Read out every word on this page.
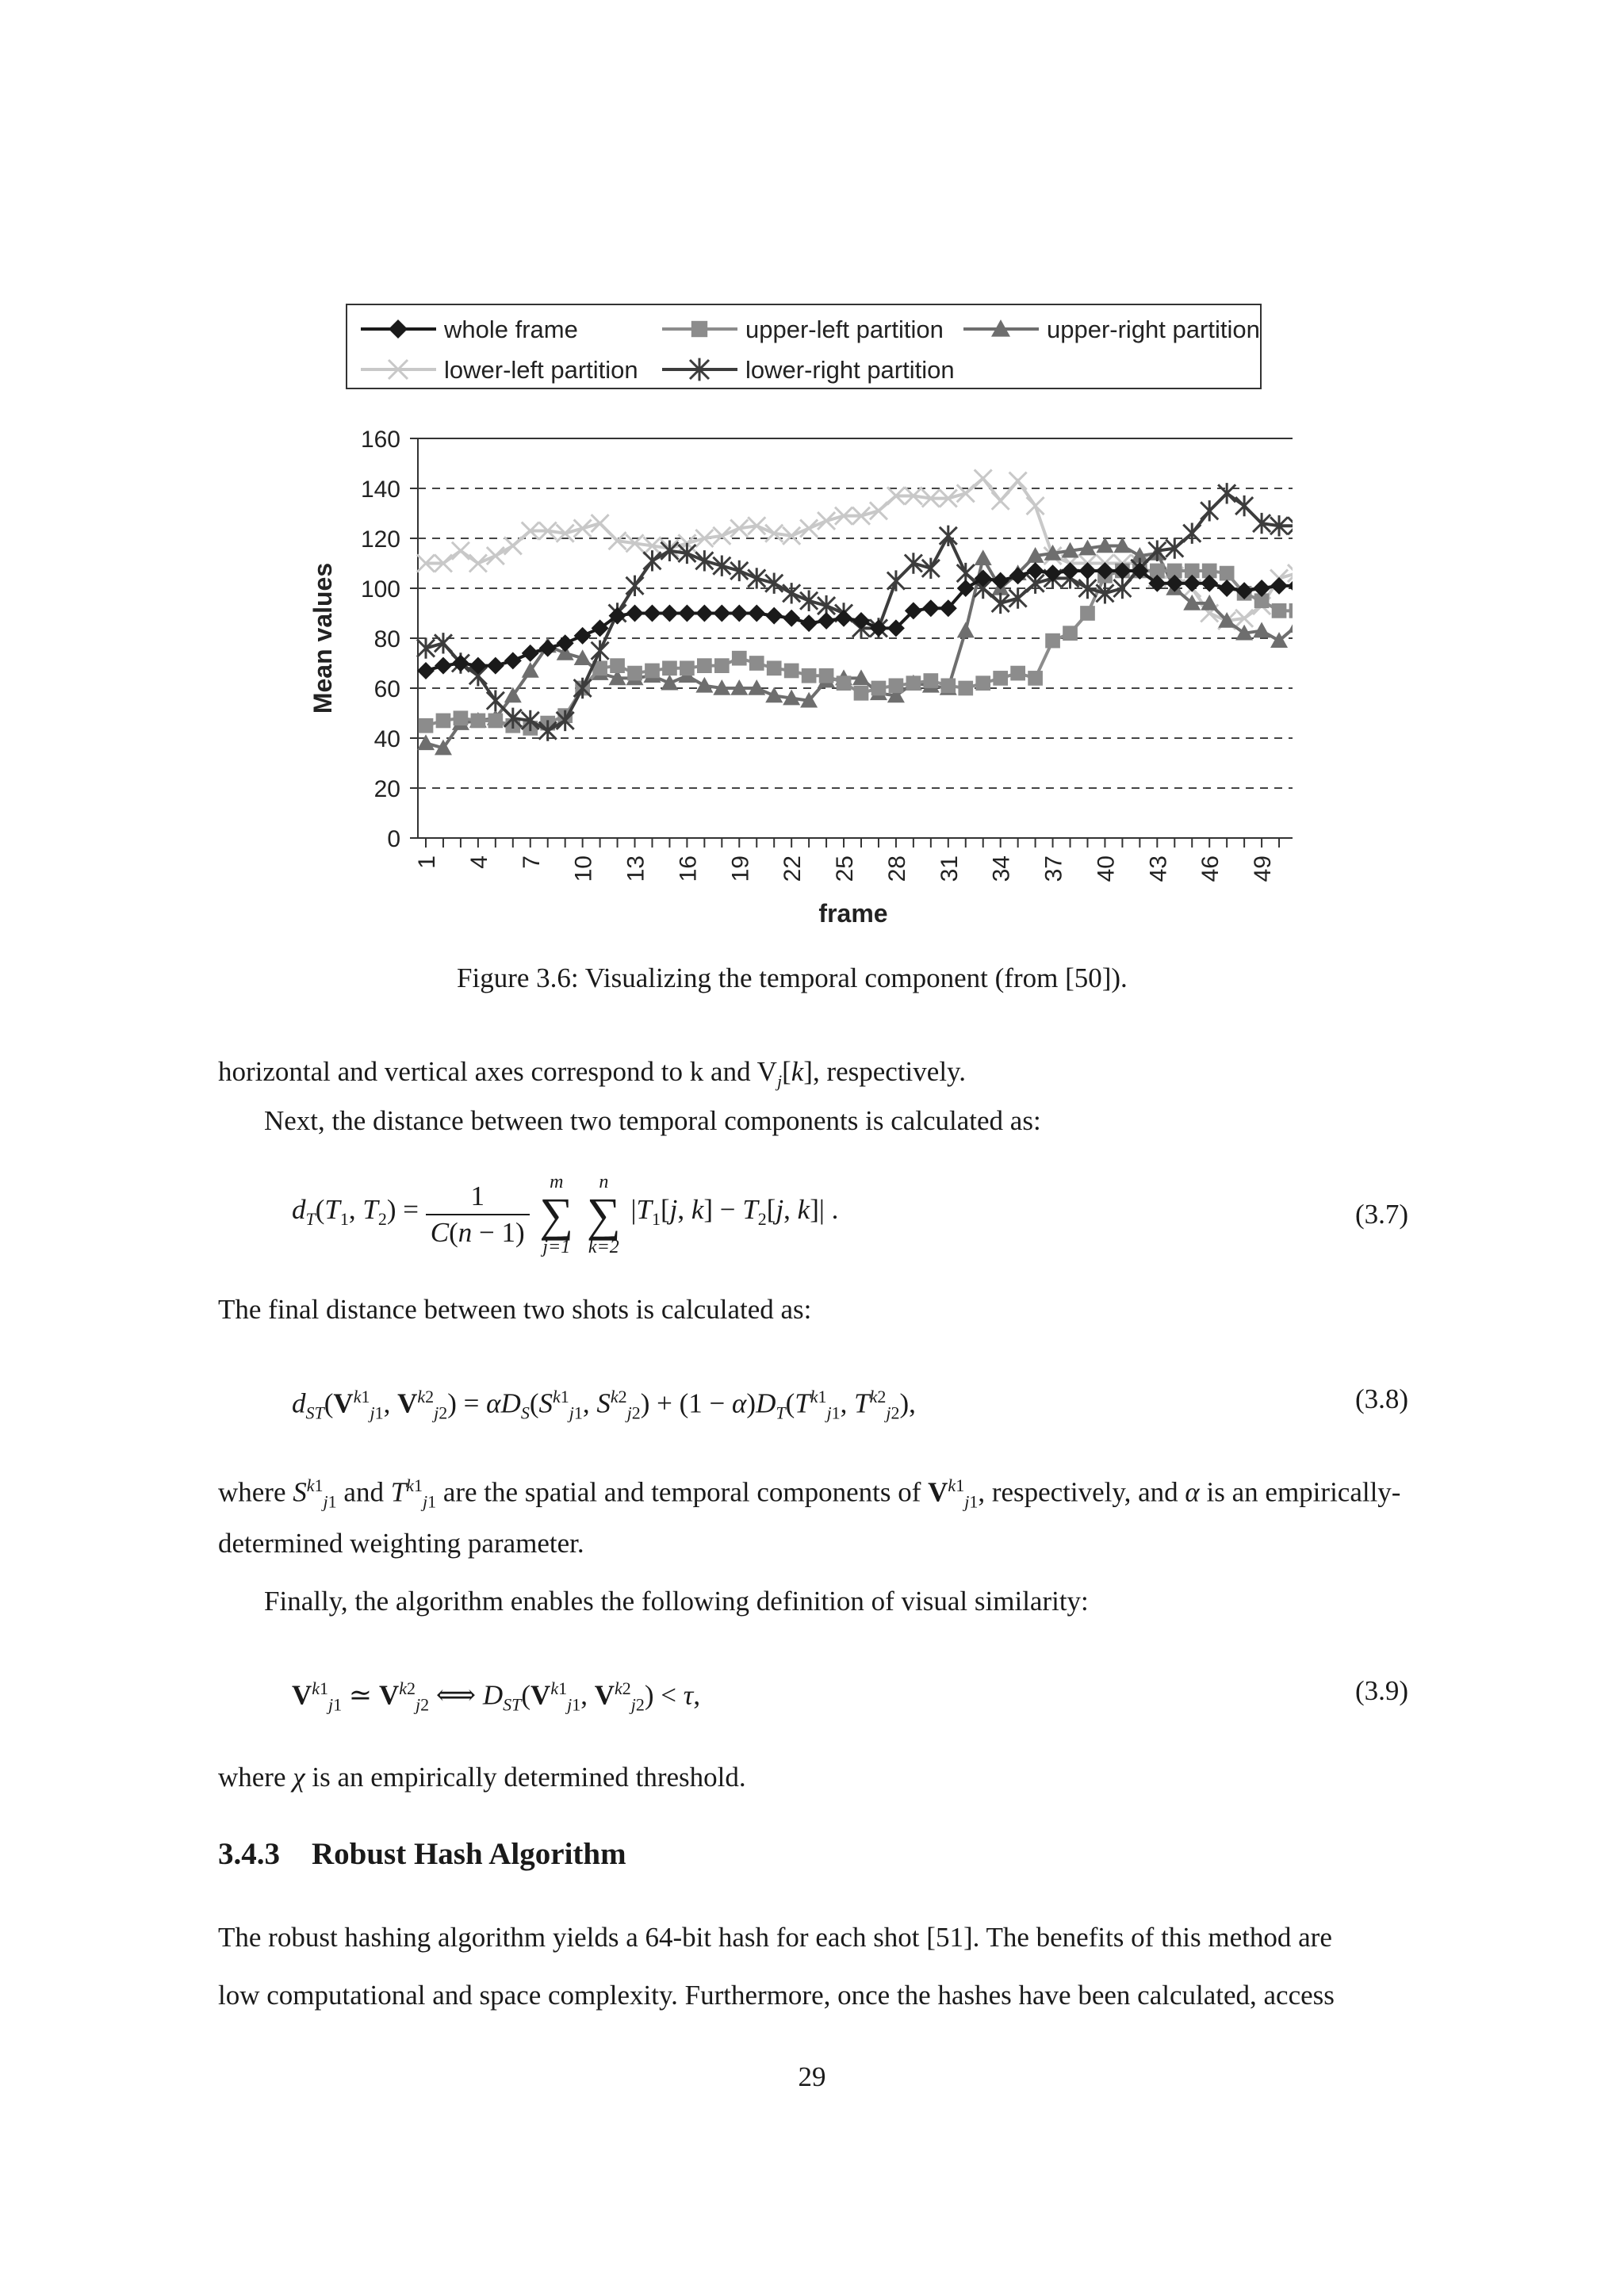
0
20
40
60
80
100
120
140
160
1 4 7 10 13 16 19 22 25 28 31 34 37 40 43 46 49
Mean values
frame
whole frame	upper-left partition	upper-right partition
lower-left partition	lower-right partition
Figure 3.6: Visualizing the temporal component (from [50]).
horizontal and vertical axes correspond to k and $V_j[k]$, respectively.
Next, the distance between two temporal components is calculated as:
$d_T(T_1$, $T_2) = \frac{1}{C(n - 1)}$
	m
∑
j=1

n
∑
k=2
$|T_1[j$, $k] - T_2[j$, k]| .	(3.7)
The final distance between two shots is calculated as:
$d_{ST}(V^{k1}_{j1}$, $V^{k2}_{j2}) = \alpha D_S(S^{k1}_{j1}$, $S^{k2}_{j2}) + (1 - \alpha)D_T(T^{k1}_{j1}$, $T^{k2}_{j2}$),	(3.8)
where $S^{k1}_{j1}$ and $T^{k1}_{j1}$ are the spatial and temporal components of $V^{k1}_{j1}$, respectively, and α is an empirically-
determined weighting parameter.
Finally, the algorithm enables the following definition of visual similarity:
$V^{k1}_{j1}$ ≃ $V^{k2}_{j2}$ ⟺ $D_{ST}(V^{k1}_{j1}$, $V^{k2}_{j2}) < \tau$,	(3.9)
where χ is an empirically determined threshold.
3.4.3 Robust Hash Algorithm
The robust hashing algorithm yields a 64-bit hash for each shot [51]. The benefits of this method are
low computational and space complexity. Furthermore, once the hashes have been calculated, access
29
